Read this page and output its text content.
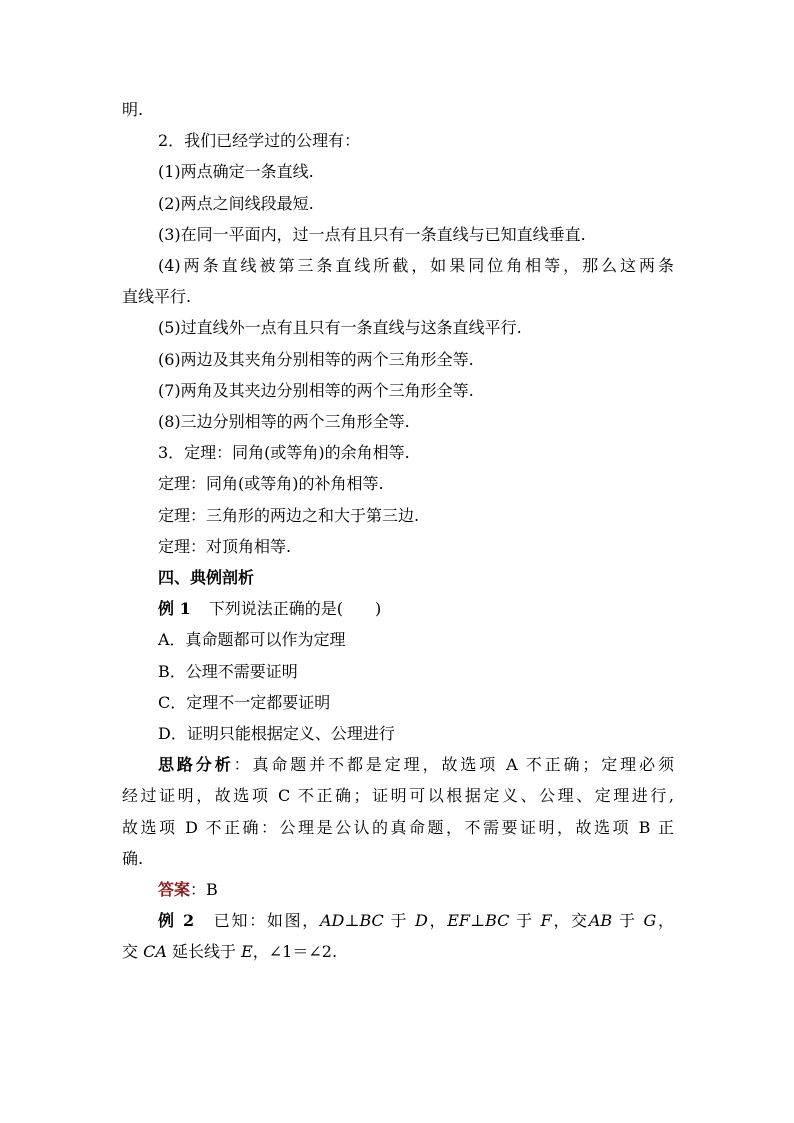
明.
2．我们已经学过的公理有：
(1)两点确定一条直线.
(2)两点之间线段最短.
(3)在同一平面内，过一点有且只有一条直线与已知直线垂直.
(4)两条直线被第三条直线所截，如果同位角相等，那么这两条
直线平行.
(5)过直线外一点有且只有一条直线与这条直线平行.
(6)两边及其夹角分别相等的两个三角形全等.
(7)两角及其夹边分别相等的两个三角形全等.
(8)三边分别相等的两个三角形全等.
3．定理：同角(或等角)的余角相等.
定理：同角(或等角)的补角相等.
定理：三角形的两边之和大于第三边.
定理：对顶角相等.
四、典例剖析
例 1 下列说法正确的是(　　)
A．真命题都可以作为定理
B．公理不需要证明
C．定理不一定都要证明
D．证明只能根据定义、公理进行
思路分析：真命题并不都是定理，故选项 A 不正确；定理必须
经过证明，故选项 C 不正确；证明可以根据定义、公理、定理进行,
故选项 D 不正确：公理是公认的真命题，不需要证明，故选项 B 正
确.
答案：B
例 2 已知：如图，AD⊥BC 于 D，EF⊥BC 于 F，交AB 于 G，
交 CA 延长线于 E，∠1＝∠2.
